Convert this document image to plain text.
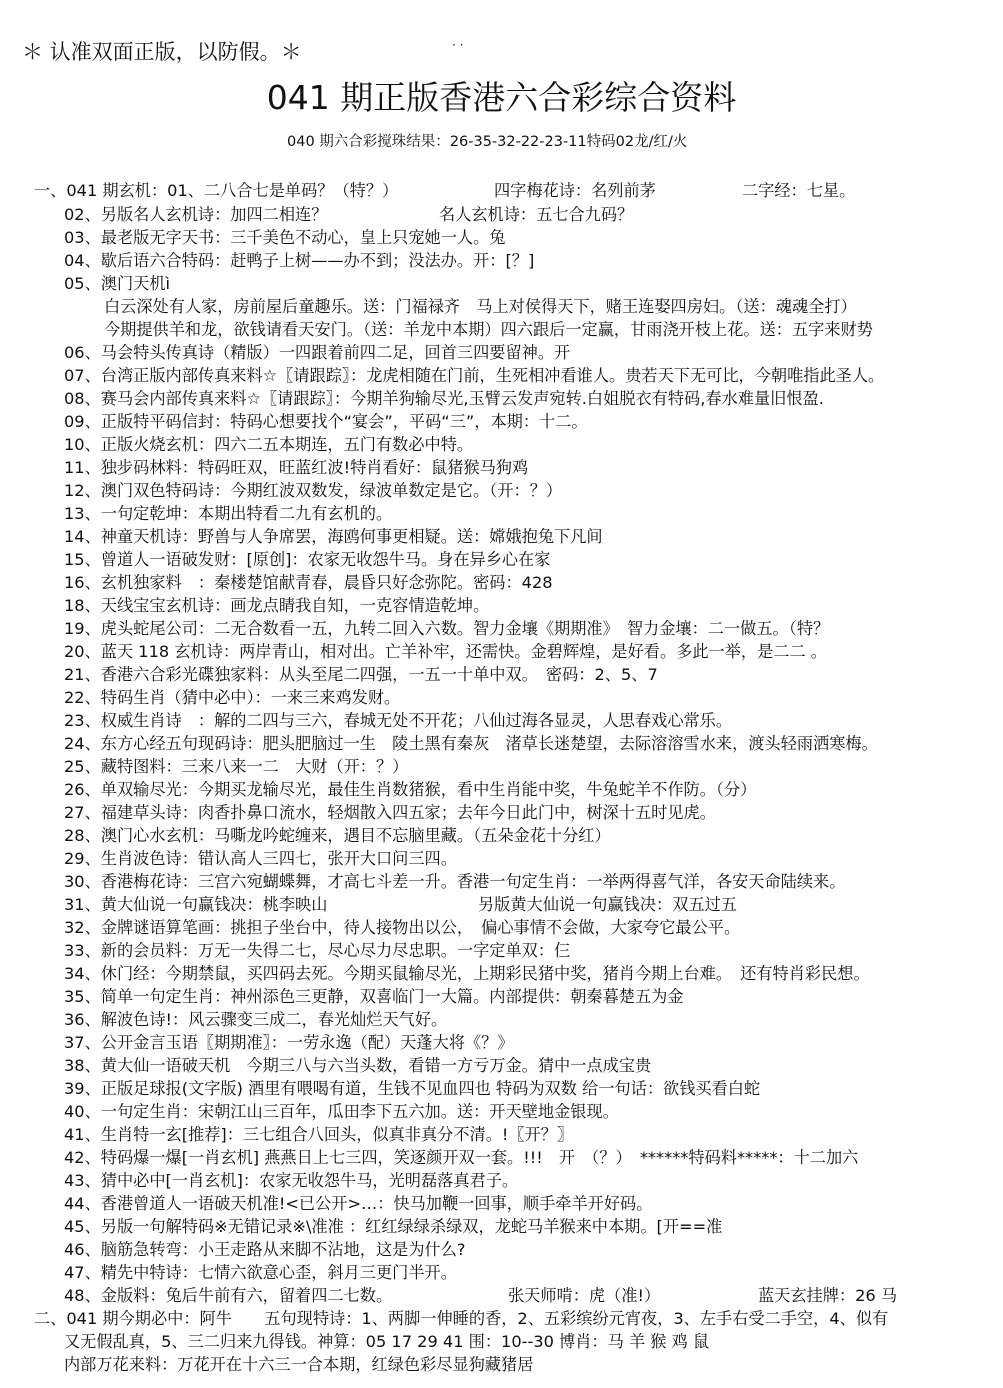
＊ 认准双面正版，以防假。＊	· ·
041 期正版香港六合彩综合资料
040 期六合彩搅珠结果：26-35-32-22-23-11特码02龙/红/火
一、041 期玄机：01、二八合七是单码？（特？）	四字梅花诗：名列前茅	二字经：七星。
02、另版名人玄机诗：加四二相连？	名人玄机诗：五七合九码？
03、最老版无字天书：三千美色不动心，皇上只宠她一人。兔
04、歇后语六合特码：赶鸭子上树——办不到；没法办。开：[？]
05、澳门天机ì
白云深处有人家，房前屋后童趣乐。送：门福禄齐　马上对侯得天下，赌王连娶四房妇。（送：魂魂全打）
今期提供羊和龙，欲钱请看天安门。（送：羊龙中本期）四六跟后一定赢，甘雨浇开枝上花。送：五字来财势
06、马会特头传真诗（精版）一四跟着前四二足，回首三四要留神。开
07、台湾正版内部传真来料☆〖请跟踪〗：龙虎相随在门前，生死相冲看谁人。贵若天下无可比，今朝唯指此圣人。
08、赛马会内部传真来料☆〖请跟踪〗：今期羊狗输尽光,玉臂云发声宛转.白姐脱衣有特码,春水难量旧恨盈.
09、正版特平码信封：特码心想要找个“宴会”，平码“三”，本期：十二。
10、正版火烧玄机：四六二五本期连，五门有数必中特。
11、独步码林料：特码旺双，旺蓝红波!特肖看好：鼠猪猴马狗鸡
12、澳门双色特码诗：今期红波双数发，绿波单数定是它。（开：？）
13、一句定乾坤：本期出特看二九有玄机的。
14、神童天机诗：野兽与人争席罢，海鸥何事更相疑。送：嫦娥抱兔下凡间
15、曾道人一语破发财：[原创]：农家无收怨牛马。身在异乡心在家
16、玄机独家料　：秦楼楚馆献青春，晨昏只好念弥陀。密码：428
18、天线宝宝玄机诗：画龙点睛我自知，一克容情造乾坤。
19、虎头蛇尾公司：二无合数看一五，九转二回入六数。智力金壤《期期准》　智力金壤：二一做五。（特？
20、蓝天 118 玄机诗：两岸青山，相对出。亡羊补牢，还需快。金碧辉煌，是好看。多此一举，是二二 。
21、香港六合彩光碟独家料：从头至尾二四强，一五一十单中双。　密码：2、5、7
22、特码生肖（猜中必中）：一来三来鸡发财。
23、权威生肖诗　：解的二四与三六，春城无处不开花；八仙过海各显灵，人思春戏心常乐。
24、东方心经五句现码诗：肥头肥脑过一生　陵土黑有秦灰　渚草长迷楚望，去际溶溶雪水来，渡头轻雨洒寒梅。
25、藏特图料：三来八来一二　大财（开：？）
26、单双输尽光：今期买龙输尽光，最佳生肖数猪猴，看中生肖能中奖，牛兔蛇羊不作防。（分）
27、福建草头诗：肉香扑鼻口流水，轻烟散入四五家；去年今日此门中，树深十五时见虎。
28、澳门心水玄机：马嘶龙吟蛇缠来，遇目不忘脑里藏。（五朵金花十分红）
29、生肖波色诗：错认高人三四七，张开大口问三四。
30、香港梅花诗：三宫六宛蝴蝶舞，才高七斗差一升。香港一句定生肖：一举两得喜气洋，各安天命陆续来。
31、黄大仙说一句赢钱决：桃李映山	另版黄大仙说一句赢钱决：双五过五
32、金牌谜语算笔画：挑担子坐台中，待人接物出以公，　偏心事情不会做，大家夸它最公平。
33、新的会员料：万无一失得二七，尽心尽力尽忠职。一字定单双：仨
34、休门经：今期禁鼠，买四码去死。今期买鼠输尽光，上期彩民猪中奖，猪肖今期上台难。　还有特肖彩民想。
35、简单一句定生肖：神州添色三更静，双喜临门一大篇。内部提供：朝秦暮楚五为金
36、解波色诗!：风云骤变三成二，春光灿烂天气好。
37、公开金言玉语〖期期准〗：一劳永逸（配）天蓬大将《？》
38、黄大仙一语破天机　今期三八与六当头数，看错一方亏万金。猜中一点成宝贵
39、正版足球报(文字版) 酒里有喂喝有道，生钱不见血四也 特码为双数 给一句话：欲钱买看白蛇
40、一句定生肖：宋朝江山三百年，瓜田李下五六加。送：开天壁地金银现。
41、生肖特一玄[推荐]：三七组合八回头，似真非真分不清。!〖开？〗
42、特码爆一爆[一肖玄机] 燕燕日上七三四，笑逐颜开双一套。!!!　开　（？）　******特码料*****：十二加六
43、猜中必中[一肖玄机]：农家无收怨牛马，光明磊落真君子。
44、香港曾道人一语破天机准!<已公开>…：快马加鞭一回事，顺手牵羊开好码。
45、另版一句解特码※无错记录※\准准 ：红红绿绿杀绿双，龙蛇马羊猴来中本期。[开==准
46、脑筋急转弯：小王走路从来脚不沾地，这是为什么?
47、精先中特诗：七情六欲意心歪，斜月三更门半开。
48、金版料：兔后牛前有六，留着四二七数。	张天师啃：虎（准!）	蓝天玄挂牌：26 马
二、041 期今期必中：阿牛　　五句现特诗：1、两脚一伸睡的香，2、五彩缤纷元宵夜，3、左手右受二手空，4、似有
又无假乱真，5、三二归来九得钱。神算：05 17 29 41 围：10--30 博肖：马 羊 猴 鸡 鼠
内部万花来料：万花开在十六三一合本期，红绿色彩尽显狗藏猪居
